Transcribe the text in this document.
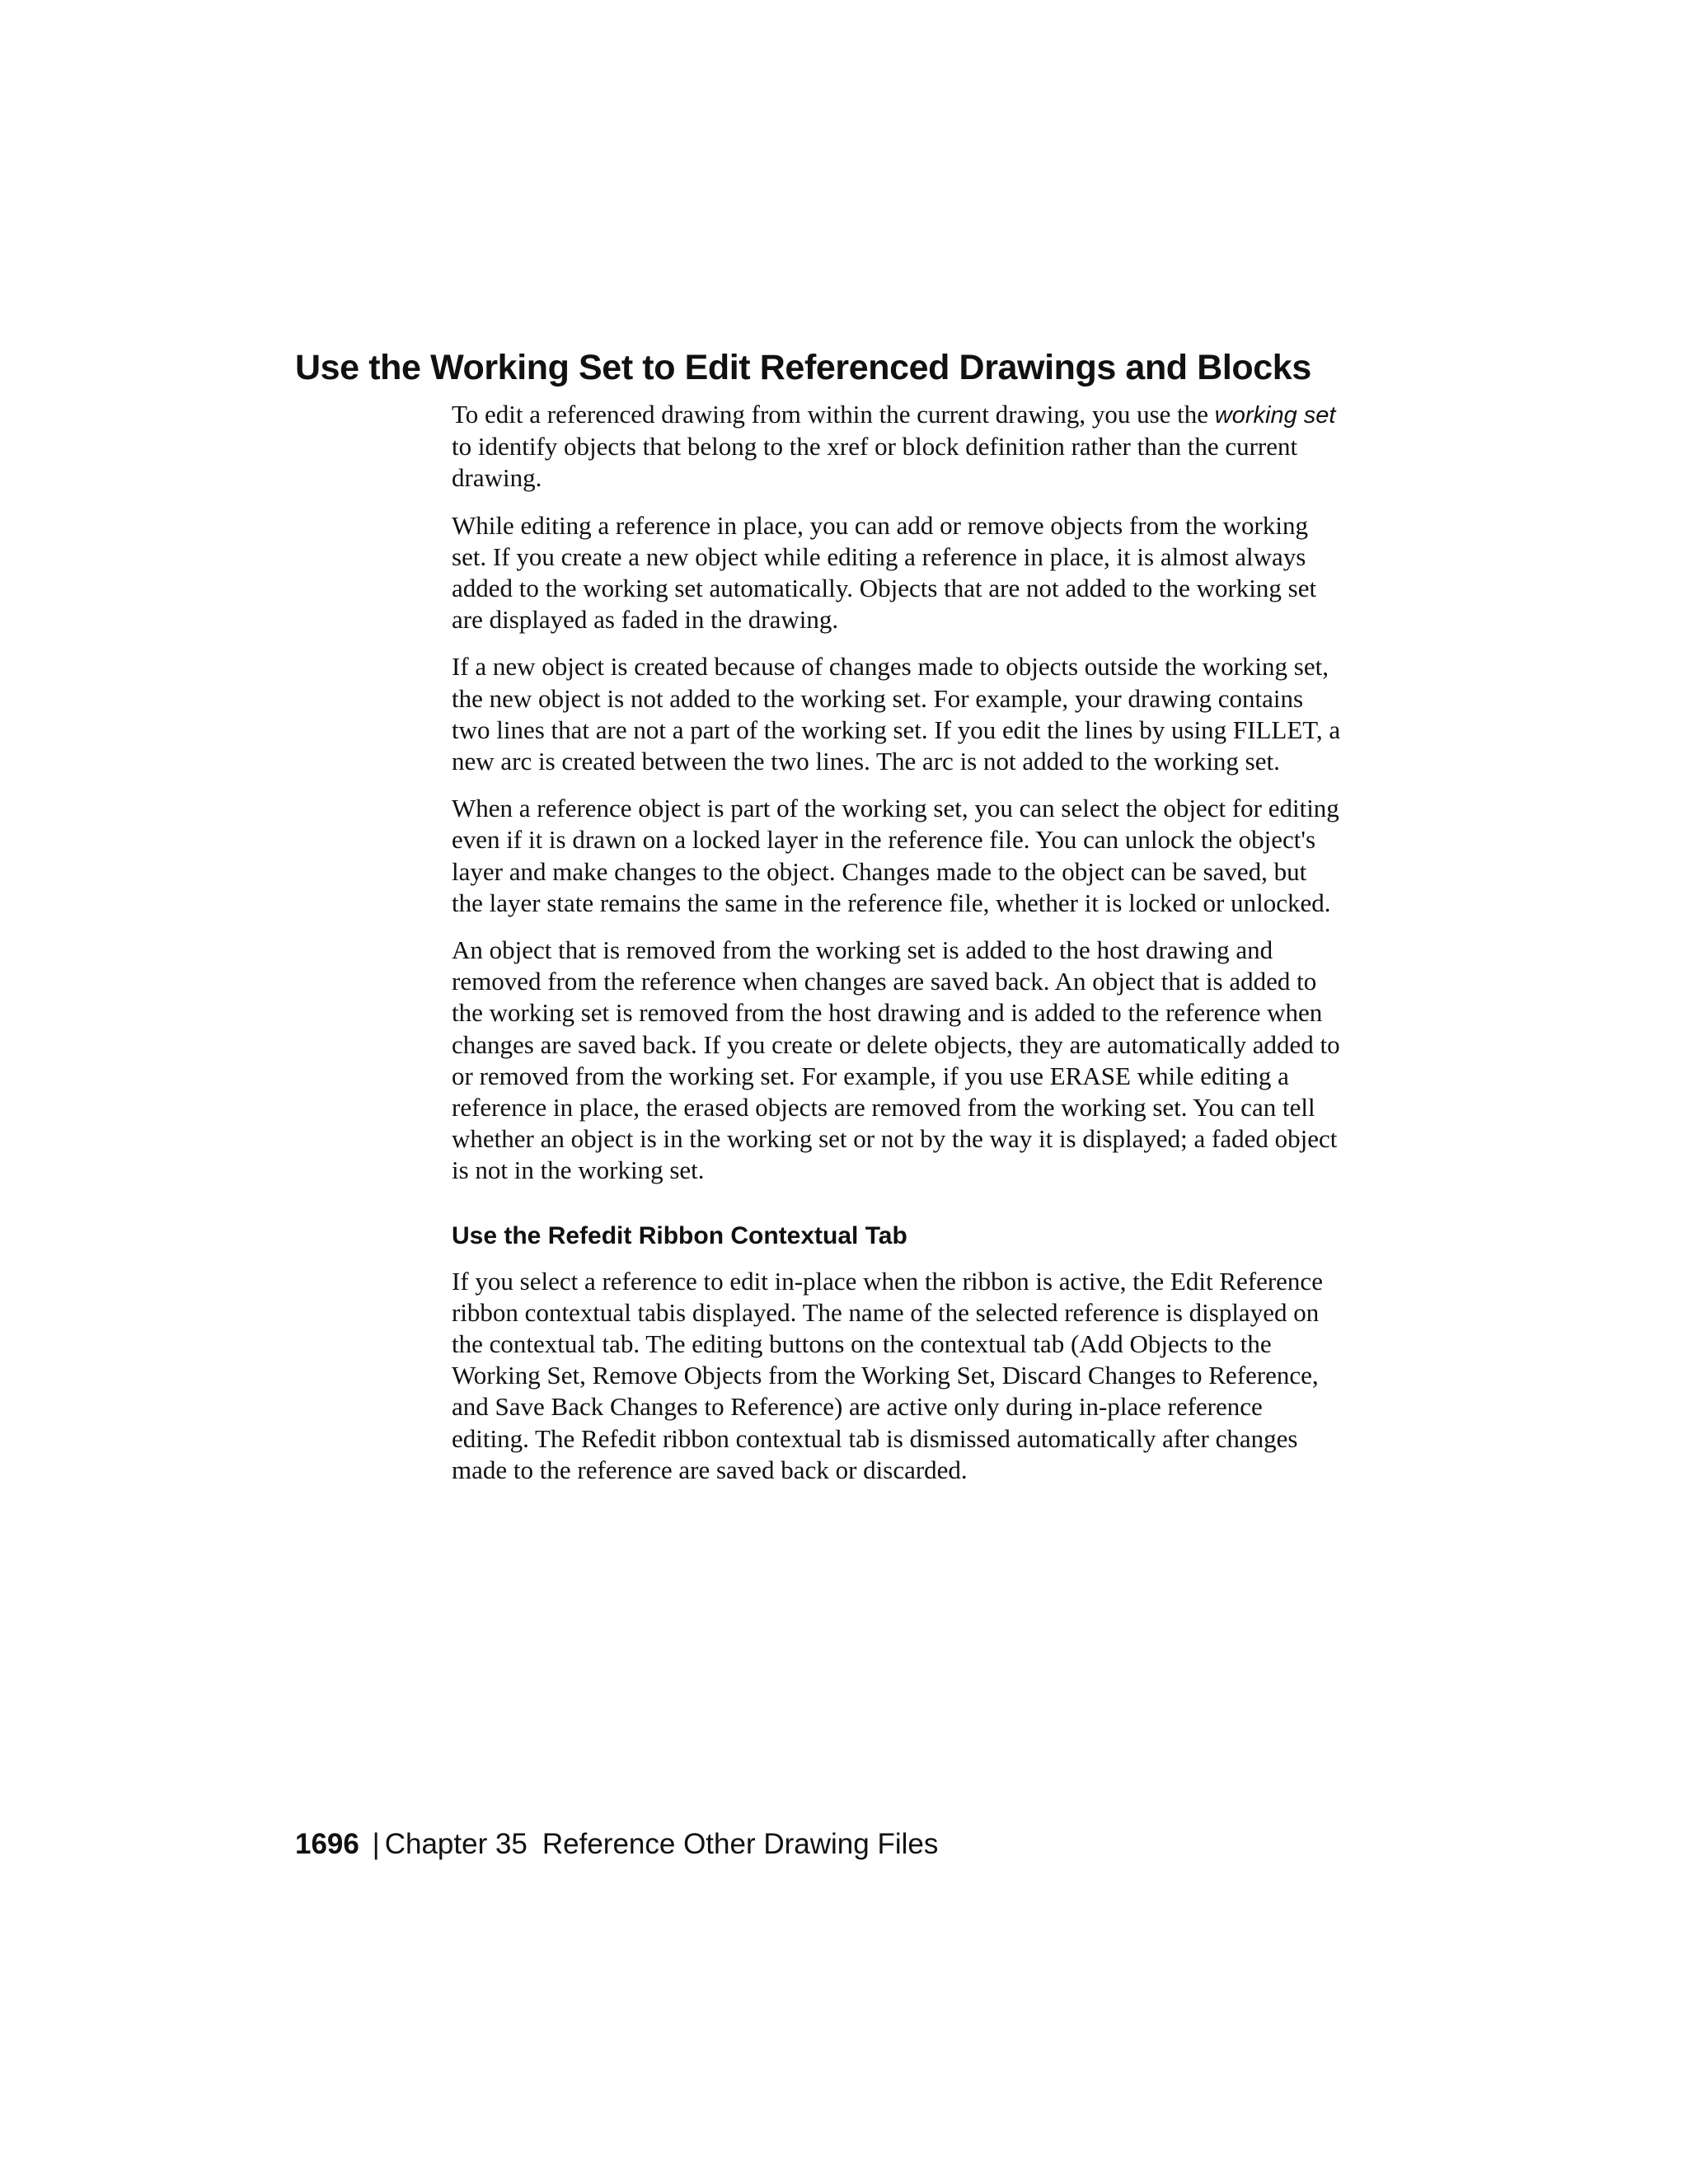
Use the Working Set to Edit Referenced Drawings and Blocks

To edit a referenced drawing from within the current drawing, you use the working set to identify objects that belong to the xref or block definition rather than the current drawing.

While editing a reference in place, you can add or remove objects from the working set. If you create a new object while editing a reference in place, it is almost always added to the working set automatically. Objects that are not added to the working set are displayed as faded in the drawing.

If a new object is created because of changes made to objects outside the working set, the new object is not added to the working set. For example, your drawing contains two lines that are not a part of the working set. If you edit the lines by using FILLET, a new arc is created between the two lines. The arc is not added to the working set.

When a reference object is part of the working set, you can select the object for editing even if it is drawn on a locked layer in the reference file. You can unlock the object's layer and make changes to the object. Changes made to the object can be saved, but the layer state remains the same in the reference file, whether it is locked or unlocked.

An object that is removed from the working set is added to the host drawing and removed from the reference when changes are saved back. An object that is added to the working set is removed from the host drawing and is added to the reference when changes are saved back. If you create or delete objects, they are automatically added to or removed from the working set. For example, if you use ERASE while editing a reference in place, the erased objects are removed from the working set. You can tell whether an object is in the working set or not by the way it is displayed; a faded object is not in the working set.

Use the Refedit Ribbon Contextual Tab

If you select a reference to edit in-place when the ribbon is active, the Edit Reference ribbon contextual tabis displayed. The name of the selected reference is displayed on the contextual tab. The editing buttons on the contextual tab (Add Objects to the Working Set, Remove Objects from the Working Set, Discard Changes to Reference, and Save Back Changes to Reference) are active only during in-place reference editing. The Refedit ribbon contextual tab is dismissed automatically after changes made to the reference are saved back or discarded.

1696 | Chapter 35 Reference Other Drawing Files
